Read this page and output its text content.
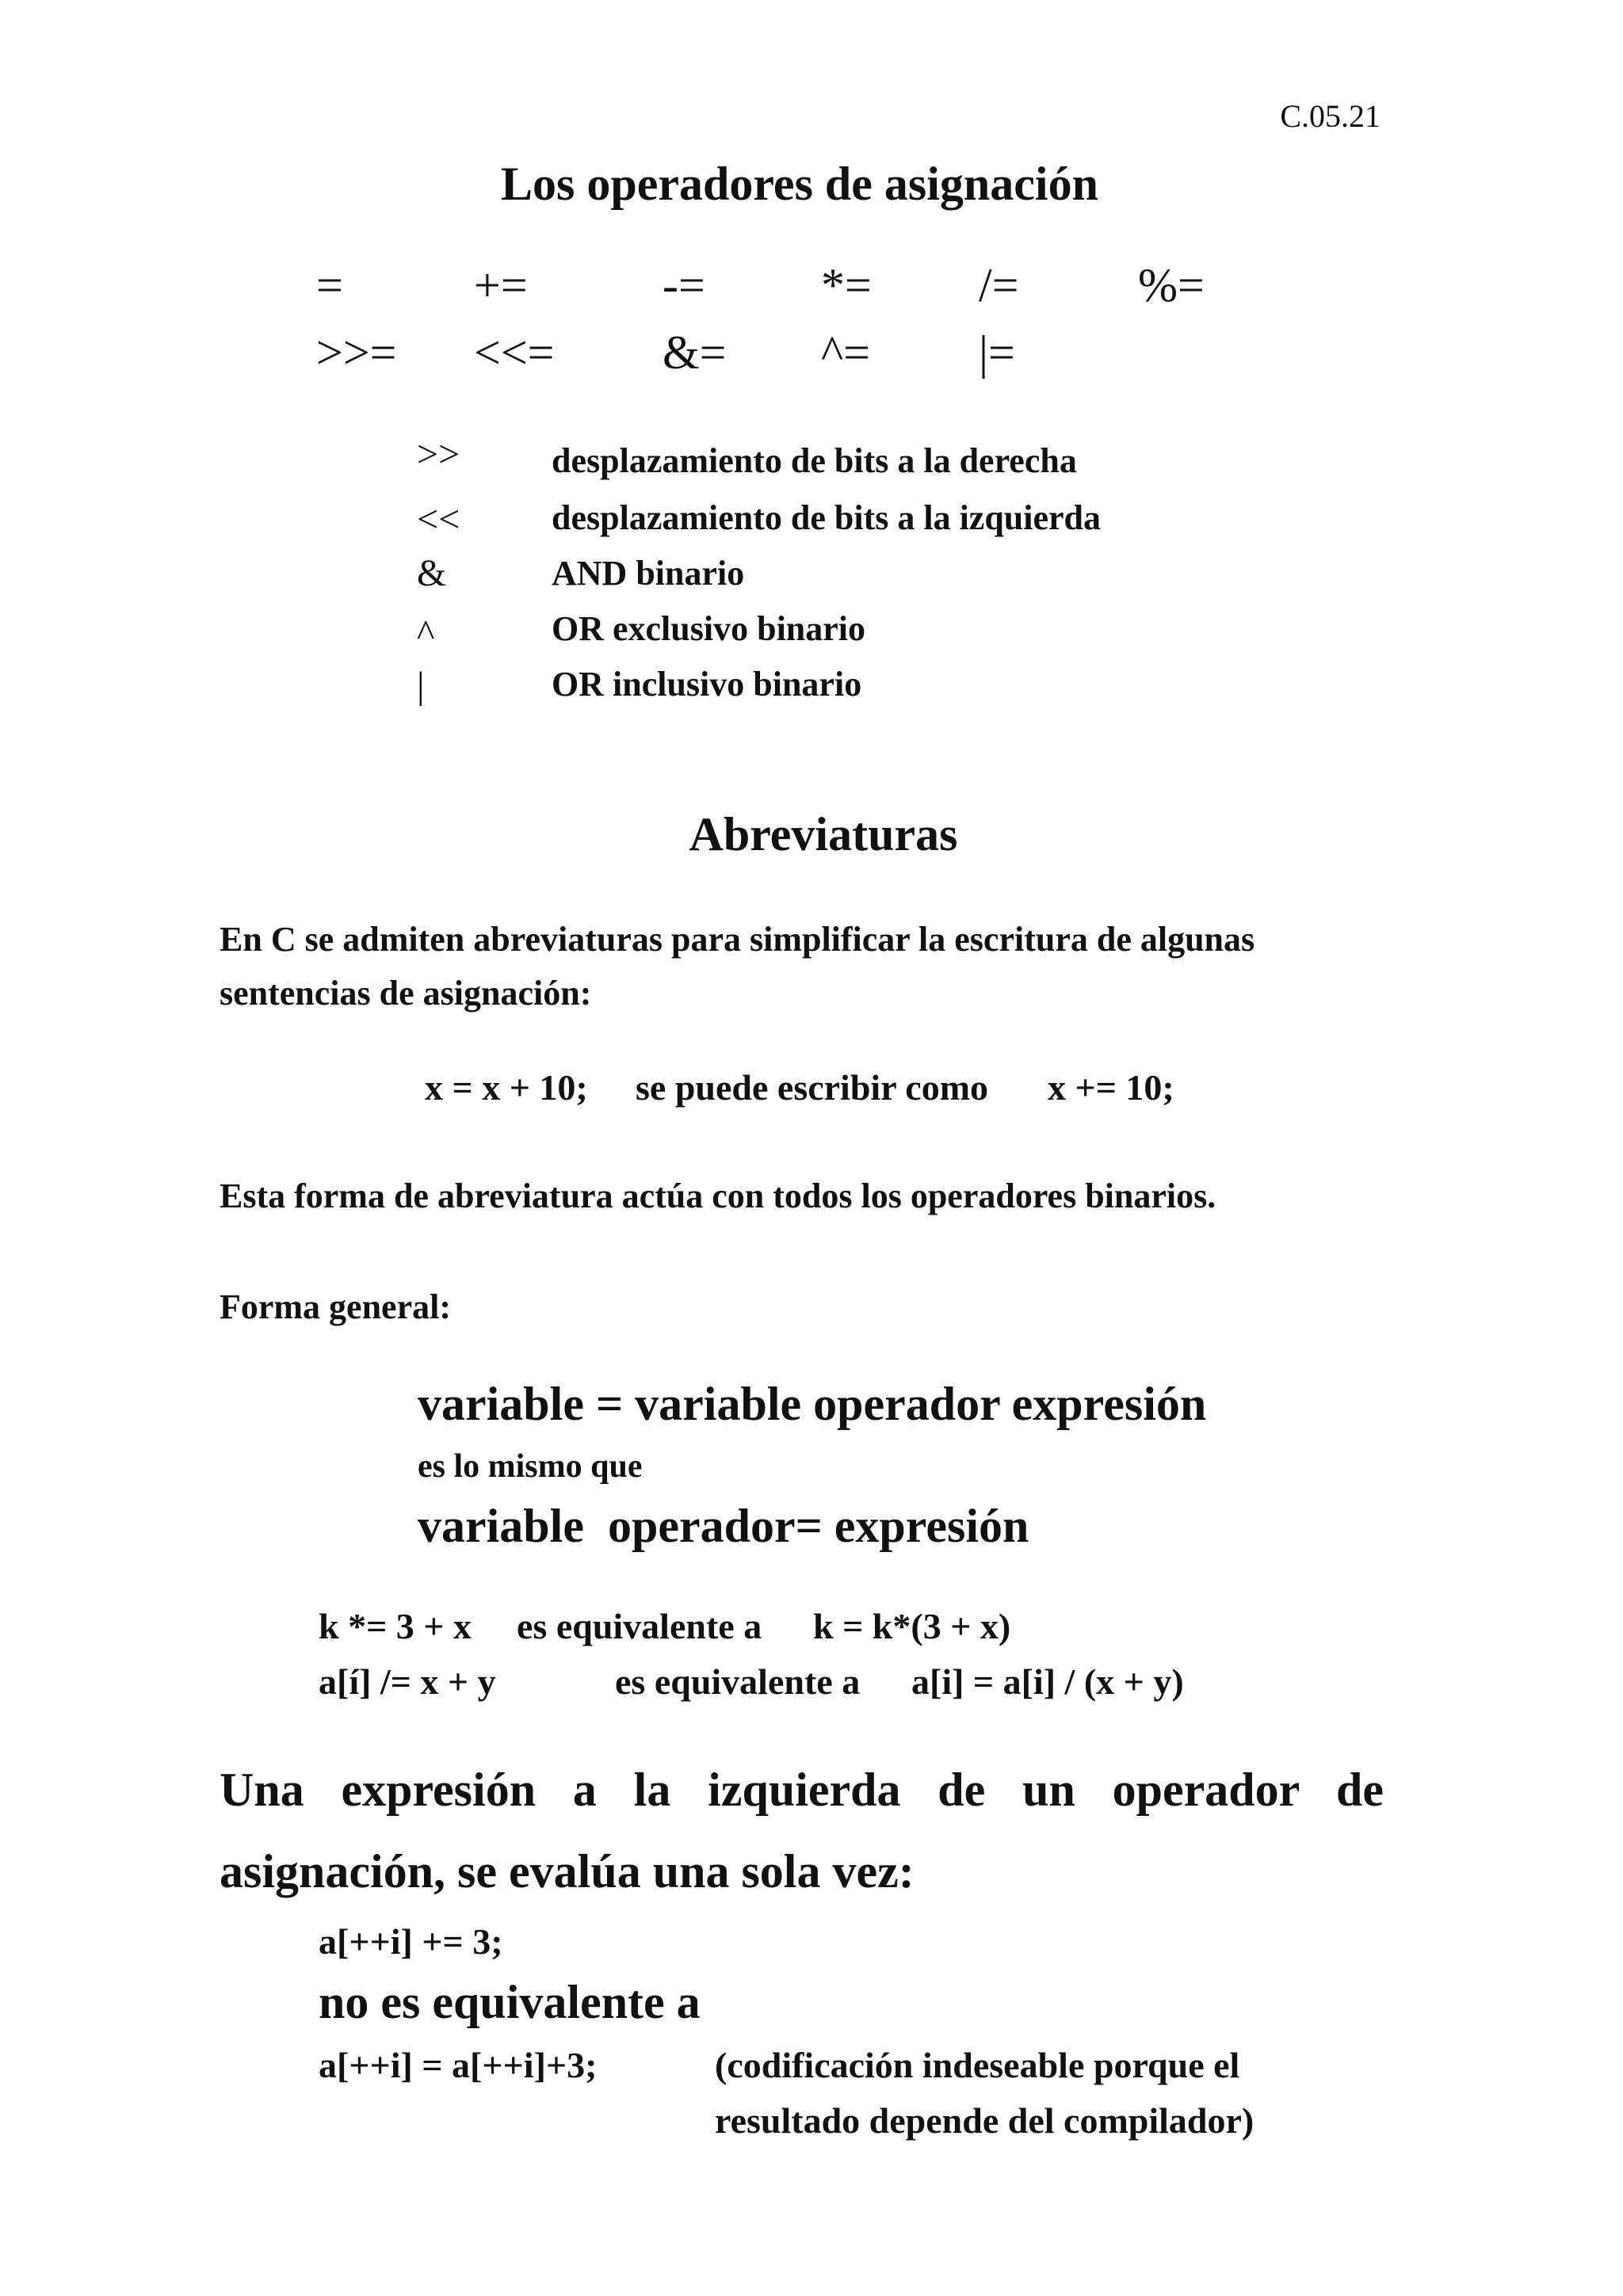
C.05.21
Los operadores de asignación
=	+=	-= *= /=	%=
>>= <<= &= ^= |=
>>	desplazamiento de bits a la derecha
<<	desplazamiento de bits a la izquierda
&	AND binario
^	OR exclusivo binario
|	OR inclusivo binario
Abreviaturas
En C se admiten abreviaturas para simplificar la escritura de algunas
sentencias de asignación:
x = x + 10; se puede escribir como x += 10;
Esta forma de abreviatura actúa con todos los operadores binarios.
Forma general:
variable = variable operador expresión
es lo mismo que
variable  operador= expresión
k *= 3 + x es equivalente a k = k*(3 + x)
a[í] /= x + y	es equivalente a a[i] = a[i] / (x + y)
Una expresión a la izquierda de un operador de
asignación, se evalúa una sola vez:
a[++i] += 3;
no es equivalente a
a[++i] = a[++i]+3;	(codificación indeseable porque el
resultado depende del compilador)
